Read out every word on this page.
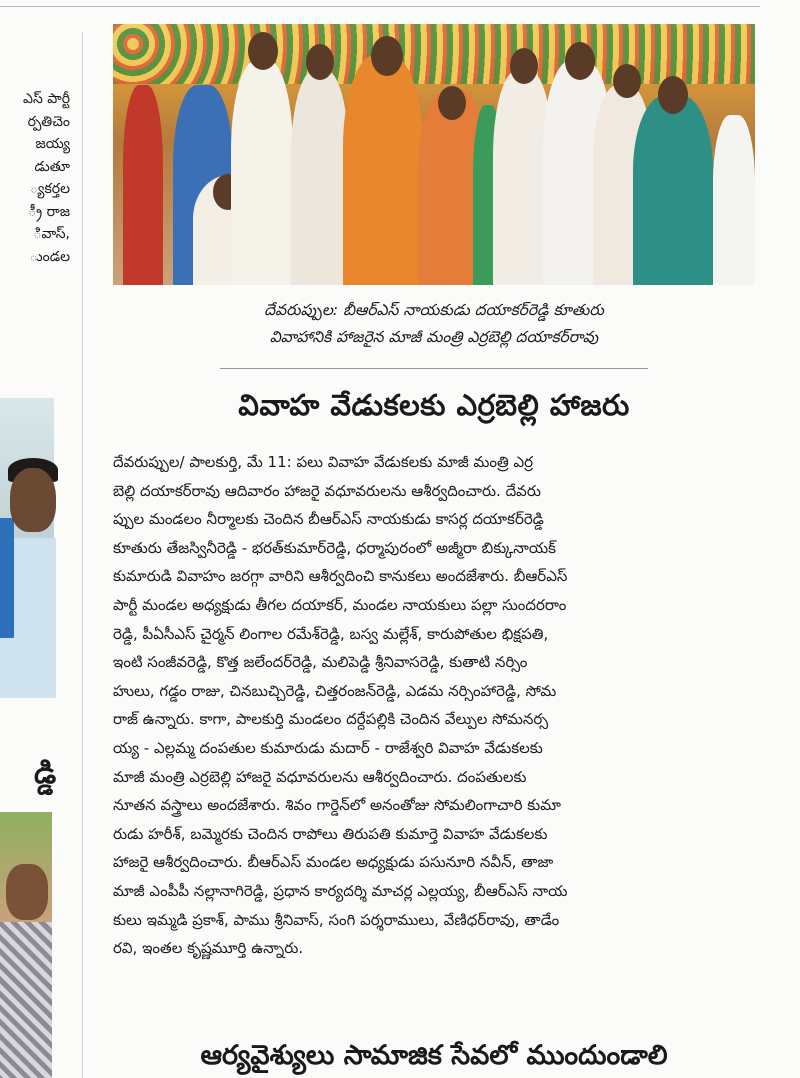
ఎస్ పార్టీ
ర్పతిచెం
జయ్య
డుతూ
్యకర్తల
్రీ రాజ
ివాస్,
ుండల
డ్డి
దేవరుప్పుల: బీఆర్ఎస్ నాయకుడు దయాకర్‌రెడ్డి కూతురు
వివాహానికి హాజరైన మాజీ మంత్రి ఎర్రబెల్లి దయాకర్‌రావు
వివాహ వేడుకలకు ఎర్రబెల్లి హాజరు
దేవరుప్పుల/ పాలకుర్తి, మే 11: పలు వివాహ వేడుకలకు మాజీ మంత్రి ఎర్ర
బెల్లి దయాకర్‌రావు ఆదివారం హాజరై వధూవరులను ఆశీర్వదించారు. దేవరు
ప్పుల మండలం నీర్మాలకు చెందిన బీఆర్ఎస్ నాయకుడు కాసర్ల దయాకర్‌రెడ్డి
కూతురు తేజస్వినీరెడ్డి - భరత్‌కుమార్‌రెడ్డి, ధర్మాపురంలో అజ్మీరా బిక్కునాయక్
కుమారుడి వివాహం జరగ్గా వారిని ఆశీర్వదించి కానుకలు అందజేశారు. బీఆర్ఎస్
పార్టీ మండల అధ్యక్షుడు తీగల దయాకర్, మండల నాయకులు పల్లా సుందరరాం
రెడ్డి, పీఏసీఎస్ చైర్మన్ లింగాల రమేశ్‌రెడ్డి, బస్వ మల్లేశ్, కారుపోతుల భిక్షపతి,
ఇంటి సంజీవరెడ్డి, కొత్త జలేందర్‌రెడ్డి, మలిపెడ్డి శ్రీనివాసరెడ్డి, కుతాటి నర్సిం
హులు, గడ్డం రాజు, చినబుచ్చిరెడ్డి, చిత్తరంజన్‌రెడ్డి, ఎడమ నర్సింహారెడ్డి, సోమ
రాజ్ ఉన్నారు. కాగా, పాలకుర్తి మండలం దర్దేపల్లికి చెందిన వేల్పుల సోమనర్స
య్య - ఎల్లమ్మ దంపతుల కుమారుడు మదార్ - రాజేశ్వరి వివాహ వేడుకలకు
మాజీ మంత్రి ఎర్రబెల్లి హాజరై వధూవరులను ఆశీర్వదించారు. దంపతులకు
నూతన వస్త్రాలు అందజేశారు. శివం గార్డెన్‌లో అనంతోజు సోమలింగాచారి కుమా
రుడు హరీశ్, బమ్మెరకు చెందిన రాపోలు తిరుపతి కుమార్తె వివాహ వేడుకలకు
హాజరై ఆశీర్వదించారు. బీఆర్ఎస్ మండల అధ్యక్షుడు పసునూరి నవీన్, తాజా
మాజీ ఎంపీపీ నల్లానాగిరెడ్డి, ప్రధాన కార్యదర్శి మాచర్ల ఎల్లయ్య, బీఆర్ఎస్ నాయ
కులు ఇమ్మడి ప్రకాశ్, పాము శ్రీనివాస్, సంగి పర్శరాములు, వేణిధర్‌రావు, తాడేం
రవి, ఇంతల కృష్ణమూర్తి ఉన్నారు.
ఆర్యవైశ్యులు సామాజిక సేవలో ముందుండాలి
